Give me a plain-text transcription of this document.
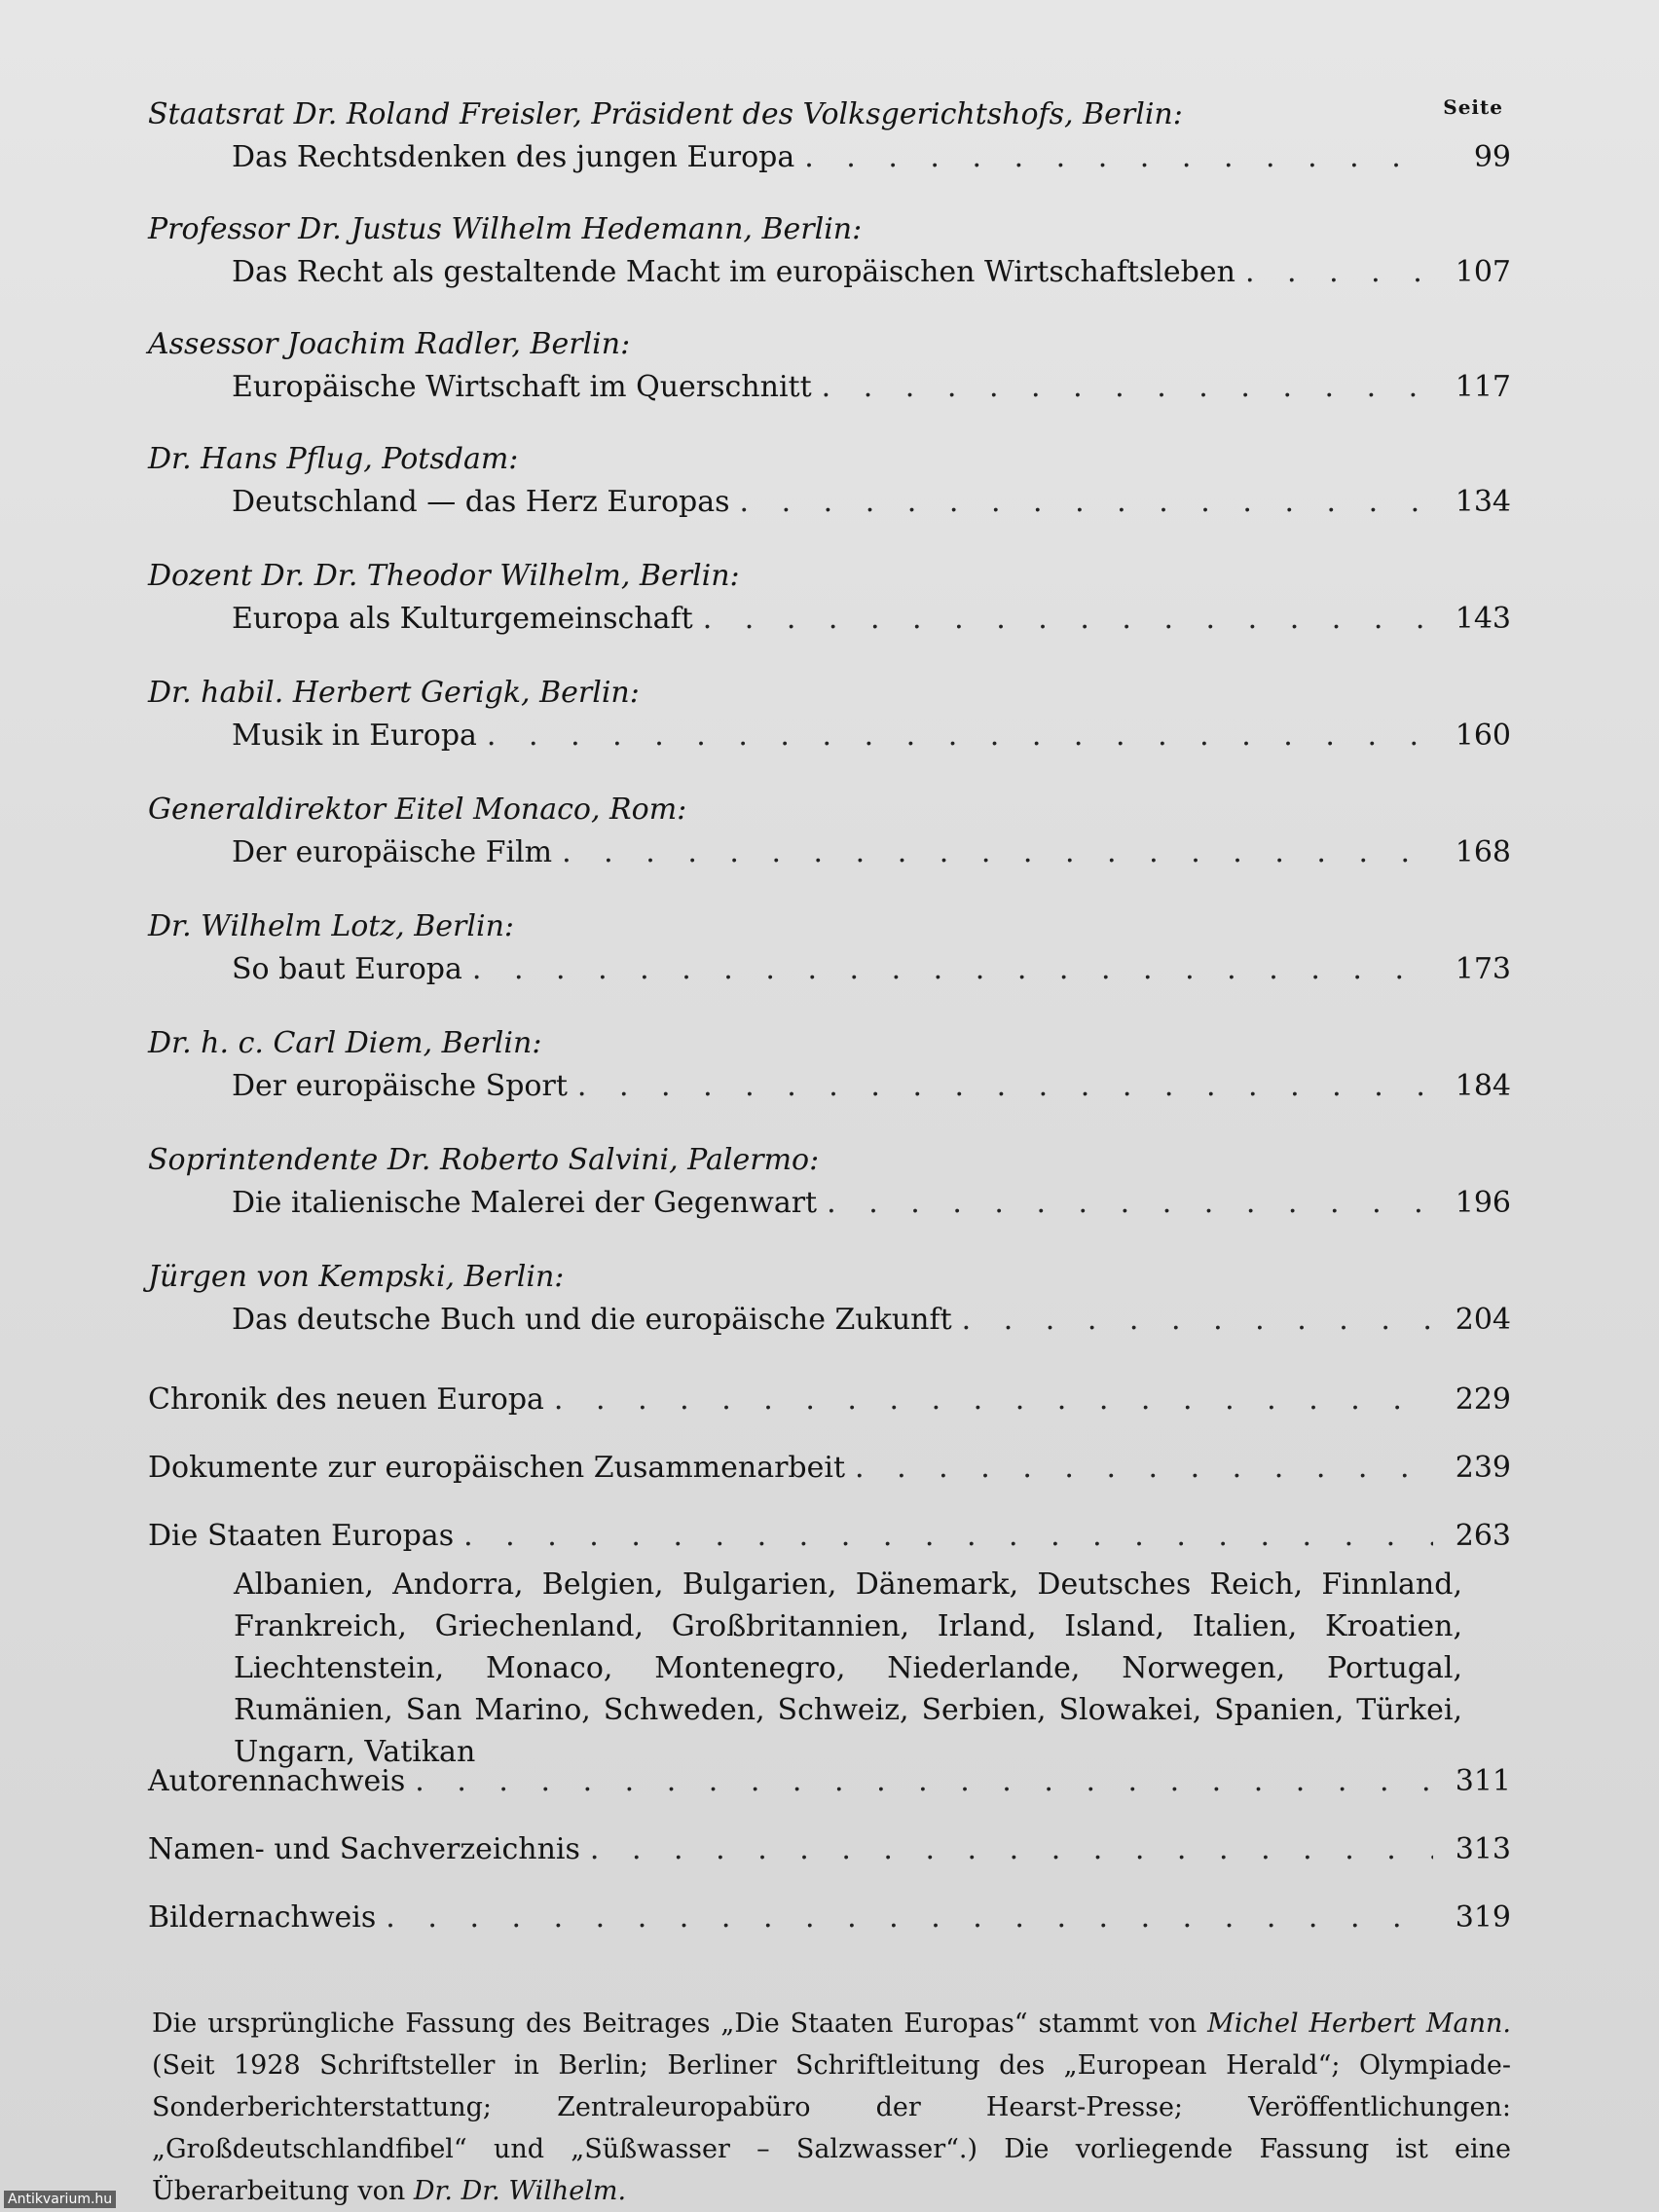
Seite
Staatsrat Dr. Roland Freisler, Präsident des Volksgerichtshofs, Berlin:
Das Rechtsdenken des jungen Europa . . .	99
Professor Dr. Justus Wilhelm Hedemann, Berlin:
Das Recht als gestaltende Macht im europäischen Wirtschaftsleben . . .	107
Assessor Joachim Radler, Berlin:
Europäische Wirtschaft im Querschnitt . . .	117
Dr. Hans Pflug, Potsdam:
Deutschland — das Herz Europas . . .	134
Dozent Dr. Dr. Theodor Wilhelm, Berlin:
Europa als Kulturgemeinschaft . . .	143
Dr. habil. Herbert Gerigk, Berlin:
Musik in Europa . . .	160
Generaldirektor Eitel Monaco, Rom:
Der europäische Film . . .	168
Dr. Wilhelm Lotz, Berlin:
So baut Europa . . .	173
Dr. h. c. Carl Diem, Berlin:
Der europäische Sport . . .	184
Soprintendente Dr. Roberto Salvini, Palermo:
Die italienische Malerei der Gegenwart . . .	196
Jürgen von Kempski, Berlin:
Das deutsche Buch und die europäische Zukunft . . .	204
Chronik des neuen Europa . . .	229
Dokumente zur europäischen Zusammenarbeit . . .	239
Die Staaten Europas . . .	263
Albanien, Andorra, Belgien, Bulgarien, Dänemark, Deutsches Reich, Finnland, Frankreich, Griechenland, Großbritannien, Irland, Island, Italien, Kroatien, Liechtenstein, Monaco, Montenegro, Niederlande, Norwegen, Portugal, Rumänien, San Marino, Schweden, Schweiz, Serbien, Slowakei, Spanien, Türkei, Ungarn, Vatikan
Autorennachweis . . .	311
Namen- und Sachverzeichnis . . .	313
Bildernachweis . . .	319

Die ursprüngliche Fassung des Beitrages „Die Staaten Europas“ stammt von Michel Herbert Mann. (Seit 1928 Schriftsteller in Berlin; Berliner Schriftleitung des „European Herald“; Olympiade-Sonderberichterstattung; Zentraleuropabüro der Hearst-Presse; Veröffentlichungen: „Großdeutschlandfibel“ und „Süßwasser – Salzwasser“.) Die vorliegende Fassung ist eine Überarbeitung von Dr. Dr. Wilhelm.

Antikvarium.hu
